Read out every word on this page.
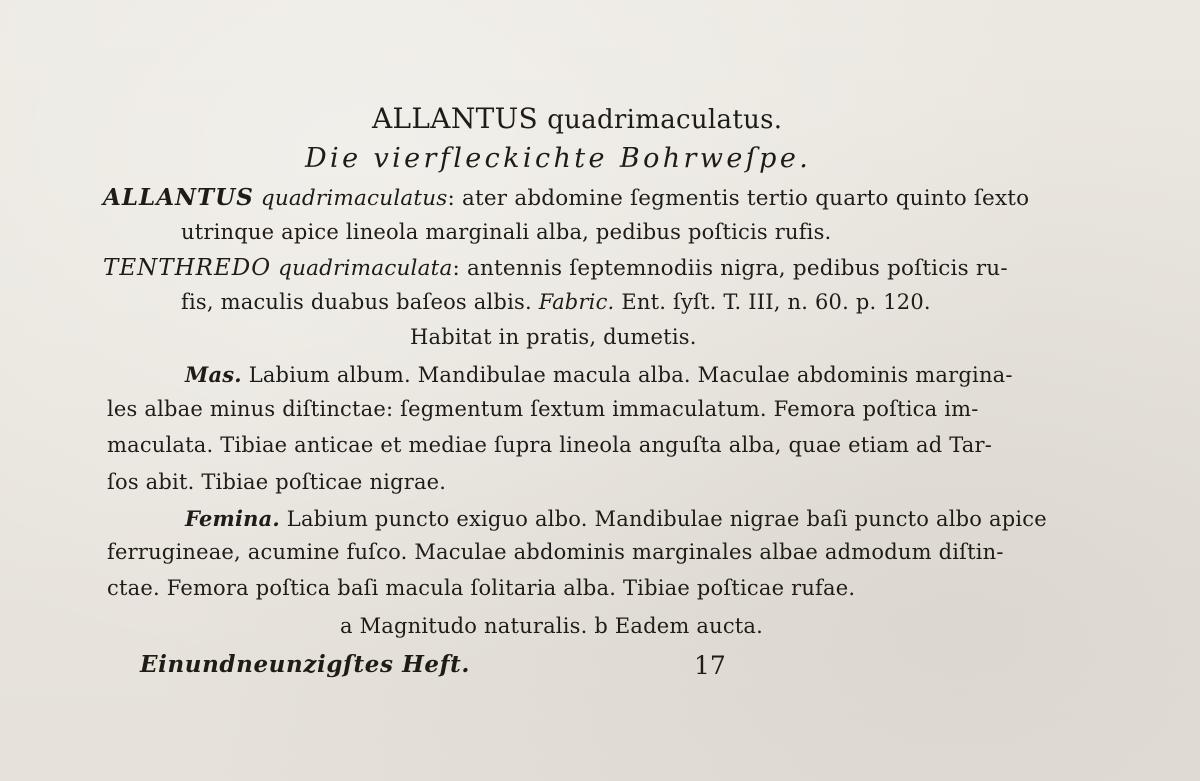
ALLANTUS quadrimaculatus.
Die vierfleckichte Bohrweſpe.
ALLANTUS quadrimaculatus: ater abdomine ſegmentis tertio quarto quinto ſexto
utrinque apice lineola marginali alba, pedibus poſticis rufis.
TENTHREDO quadrimaculata: antennis ſeptemnodiis nigra, pedibus poſticis ru-
fis, maculis duabus baſeos albis. Fabric. Ent. ſyſt. T. III, n. 60. p. 120.
Habitat in pratis, dumetis.
Mas. Labium album. Mandibulae macula alba. Maculae abdominis margina-
les albae minus diſtinctae: ſegmentum ſextum immaculatum. Femora poſtica im-
maculata. Tibiae anticae et mediae ſupra lineola anguſta alba, quae etiam ad Tar-
ſos abit. Tibiae poſticae nigrae.
Femina. Labium puncto exiguo albo. Mandibulae nigrae baſi puncto albo apice
ferrugineae, acumine fuſco. Maculae abdominis marginales albae admodum diſtin-
ctae. Femora poſtica baſi macula ſolitaria alba. Tibiae poſticae rufae.
a Magnitudo naturalis. b Eadem aucta.
Einundneunzigſtes Heft.	17
